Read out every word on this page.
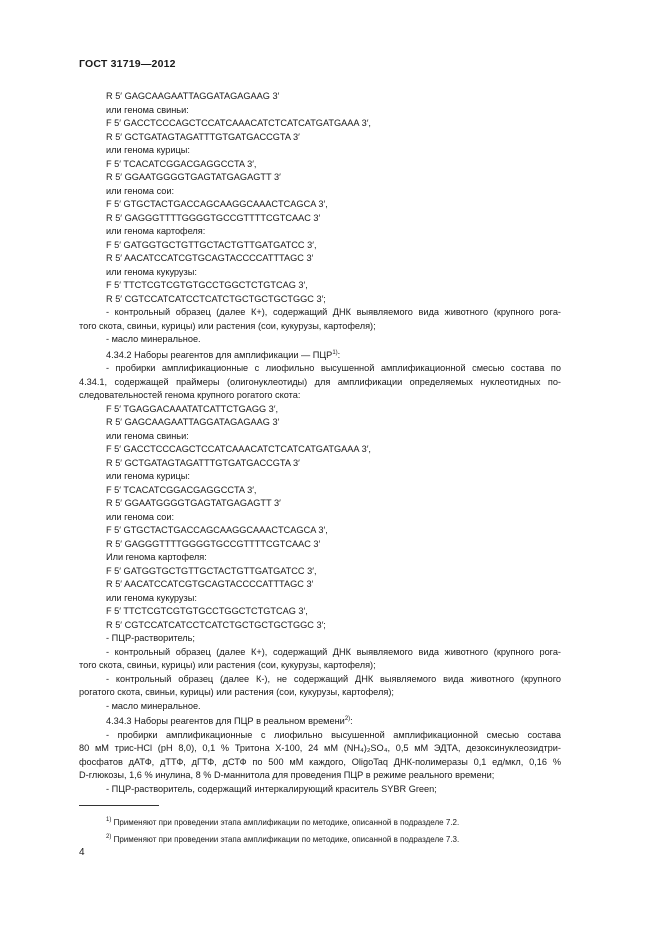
ГОСТ 31719—2012
R 5′ GAGCAAGAATTAGGATAGAGAAG 3′
или генома свиньи:
F 5′ GACCTCCCAGCTCCATCAAACATCTCATCATGATGAAA 3′,
R 5′ GCTGATAGTAGATTTGTGATGACCGTA 3′
или генома курицы:
F 5′ TCACATCGGACGAGGCCTA 3′,
R 5′ GGAATGGGGTGAGTATGAGAGTT 3′
или генома сои:
F 5′ GTGCTACTGACCAGCAAGGCAAACTCAGCA 3′,
R 5′ GAGGGTTTTGGGGTGCCGTTTTCGTCAAC 3′
или генома картофеля:
F 5′ GATGGTGCTGTTGCTACTGTTGATGATCC 3′,
R 5′ AACATCCATCGTGCAGTACCCCATTTAGC 3′
или генома кукурузы:
F 5′ TTCTCGTCGTGTGCCTGGCTCTGTCAG 3′,
R 5′ CGTCCATCATCCTCATCTGCTGCTGCTGGC 3′;
- контрольный образец (далее К+), содержащий ДНК выявляемого вида животного (крупного рога-
того скота, свиньи, курицы) или растения (сои, кукурузы, картофеля);
- масло минеральное.
4.34.2 Наборы реагентов для амплификации — ПЦР$^{1)}$:
- пробирки амплификационные с лиофильно высушенной амплификационной смесью состава по
4.34.1, содержащей праймеры (олигонуклеотиды) для амплификации определяемых нуклеотидных по-
следовательностей генома крупного рогатого скота:
F 5′ TGAGGACAAATATCATTCTGAGG 3′,
R 5′ GAGCAAGAATTAGGATAGAGAAG 3′
или генома свиньи:
F 5′ GACCTCCCAGCTCCATCAAACATCTCATCATGATGAAA 3′,
R 5′ GCTGATAGTAGATTTGTGATGACCGTA 3′
или генома курицы:
F 5′ TCACATCGGACGAGGCCTA 3′,
R 5′ GGAATGGGGTGAGTATGAGAGTT 3′
или генома сои:
F 5′ GTGCTACTGACCAGCAAGGCAAACTCAGCA 3′,
R 5′ GAGGGTTTTGGGGTGCCGTTTTCGTCAAC 3′
Или генома картофеля:
F 5′ GATGGTGCTGTTGCTACTGTTGATGATCC 3′,
R 5′ AACATCCATCGTGCAGTACCCCATTTAGC 3′
или генома кукурузы:
F 5′ TTCTCGTCGTGTGCCTGGCTCTGTCAG 3′,
R 5′ CGTCCATCATCCTCATCTGCTGCTGCTGGC 3′;
- ПЦР-растворитель;
- контрольный образец (далее К+), содержащий ДНК выявляемого вида животного (крупного рога-
того скота, свиньи, курицы) или растения (сои, кукурузы, картофеля);
- контрольный образец (далее К-), не содержащий ДНК выявляемого вида животного (крупного
рогатого скота, свиньи, курицы) или растения (сои, кукурузы, картофеля);
- масло минеральное.
4.34.3 Наборы реагентов для ПЦР в реальном времени$^{2)}$:
- пробирки амплификационные с лиофильно высушенной амплификационной смесью состава
80 мМ трис-HCl (pH 8,0), 0,1 % Тритона Х-100, 24 мМ (NH₄)₂SO₄, 0,5 мМ ЭДТА, дезоксинуклеозидтри-
фосфатов дАТФ, дТТФ, дГТФ, дСТФ по 500 мМ каждого, OligoTaq ДНК-полимеразы 0,1 ед/мкл, 0,16 %
D-глюкозы, 1,6 % инулина, 8 % D-маннитола для проведения ПЦР в режиме реального времени;
- ПЦР-растворитель, содержащий интеркалирующий краситель SYBR Green;
$^{1)}$ Применяют при проведении этапа амплификации по методике, описанной в подразделе 7.2.
$^{2)}$ Применяют при проведении этапа амплификации по методике, описанной в подразделе 7.3.
4
